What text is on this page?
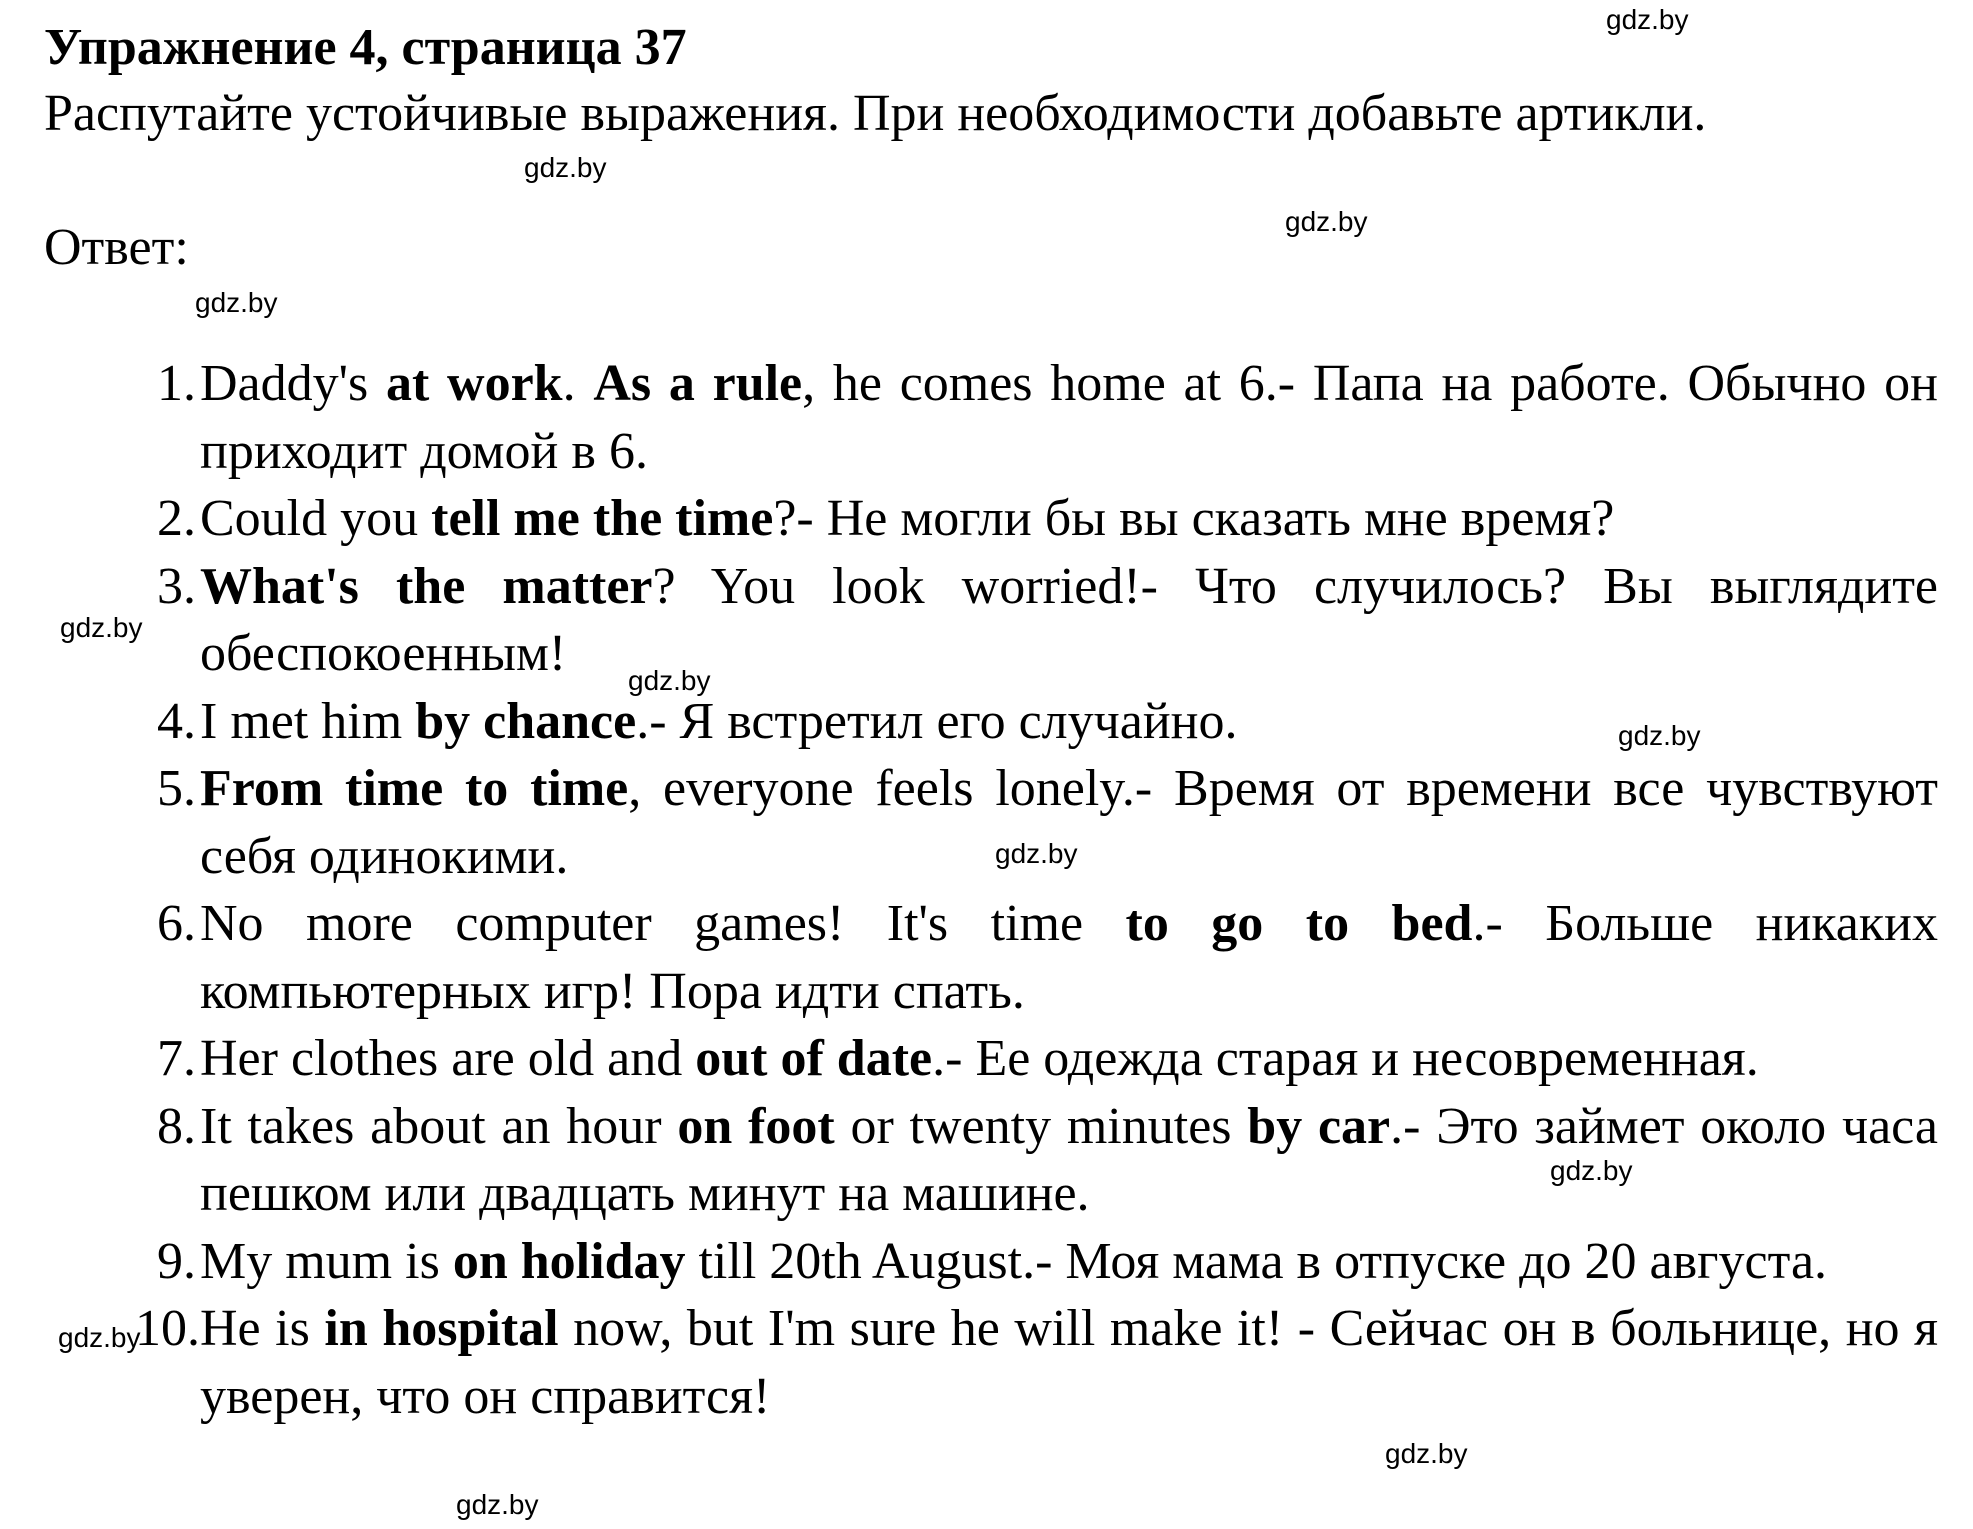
Упражнение 4, страница 37
Распутайте устойчивые выражения. При необходимости добавьте артикли.
Ответ:
1. Daddy's at work. As a rule, he comes home at 6.- Папа на работе. Обычно он приходит домой в 6.
2. Could you tell me the time?- Не могли бы вы сказать мне время?
3. What's the matter? You look worried!- Что случилось? Вы выглядите обеспокоенным!
4. I met him by chance.- Я встретил его случайно.
5. From time to time, everyone feels lonely.- Время от времени все чувствуют себя одинокими.
6. No more computer games! It's time to go to bed.- Больше никаких компьютерных игр! Пора идти спать.
7. Her clothes are old and out of date.- Ее одежда старая и несовременная.
8. It takes about an hour on foot or twenty minutes by car.- Это займет около часа пешком или двадцать минут на машине.
9. My mum is on holiday till 20th August.- Моя мама в отпуске до 20 августа.
10. He is in hospital now, but I'm sure he will make it! - Сейчас он в больнице, но я уверен, что он справится!
gdz.by
gdz.by
gdz.by
gdz.by
gdz.by
gdz.by
gdz.by
gdz.by
gdz.by
gdz.by
gdz.by
gdz.by
